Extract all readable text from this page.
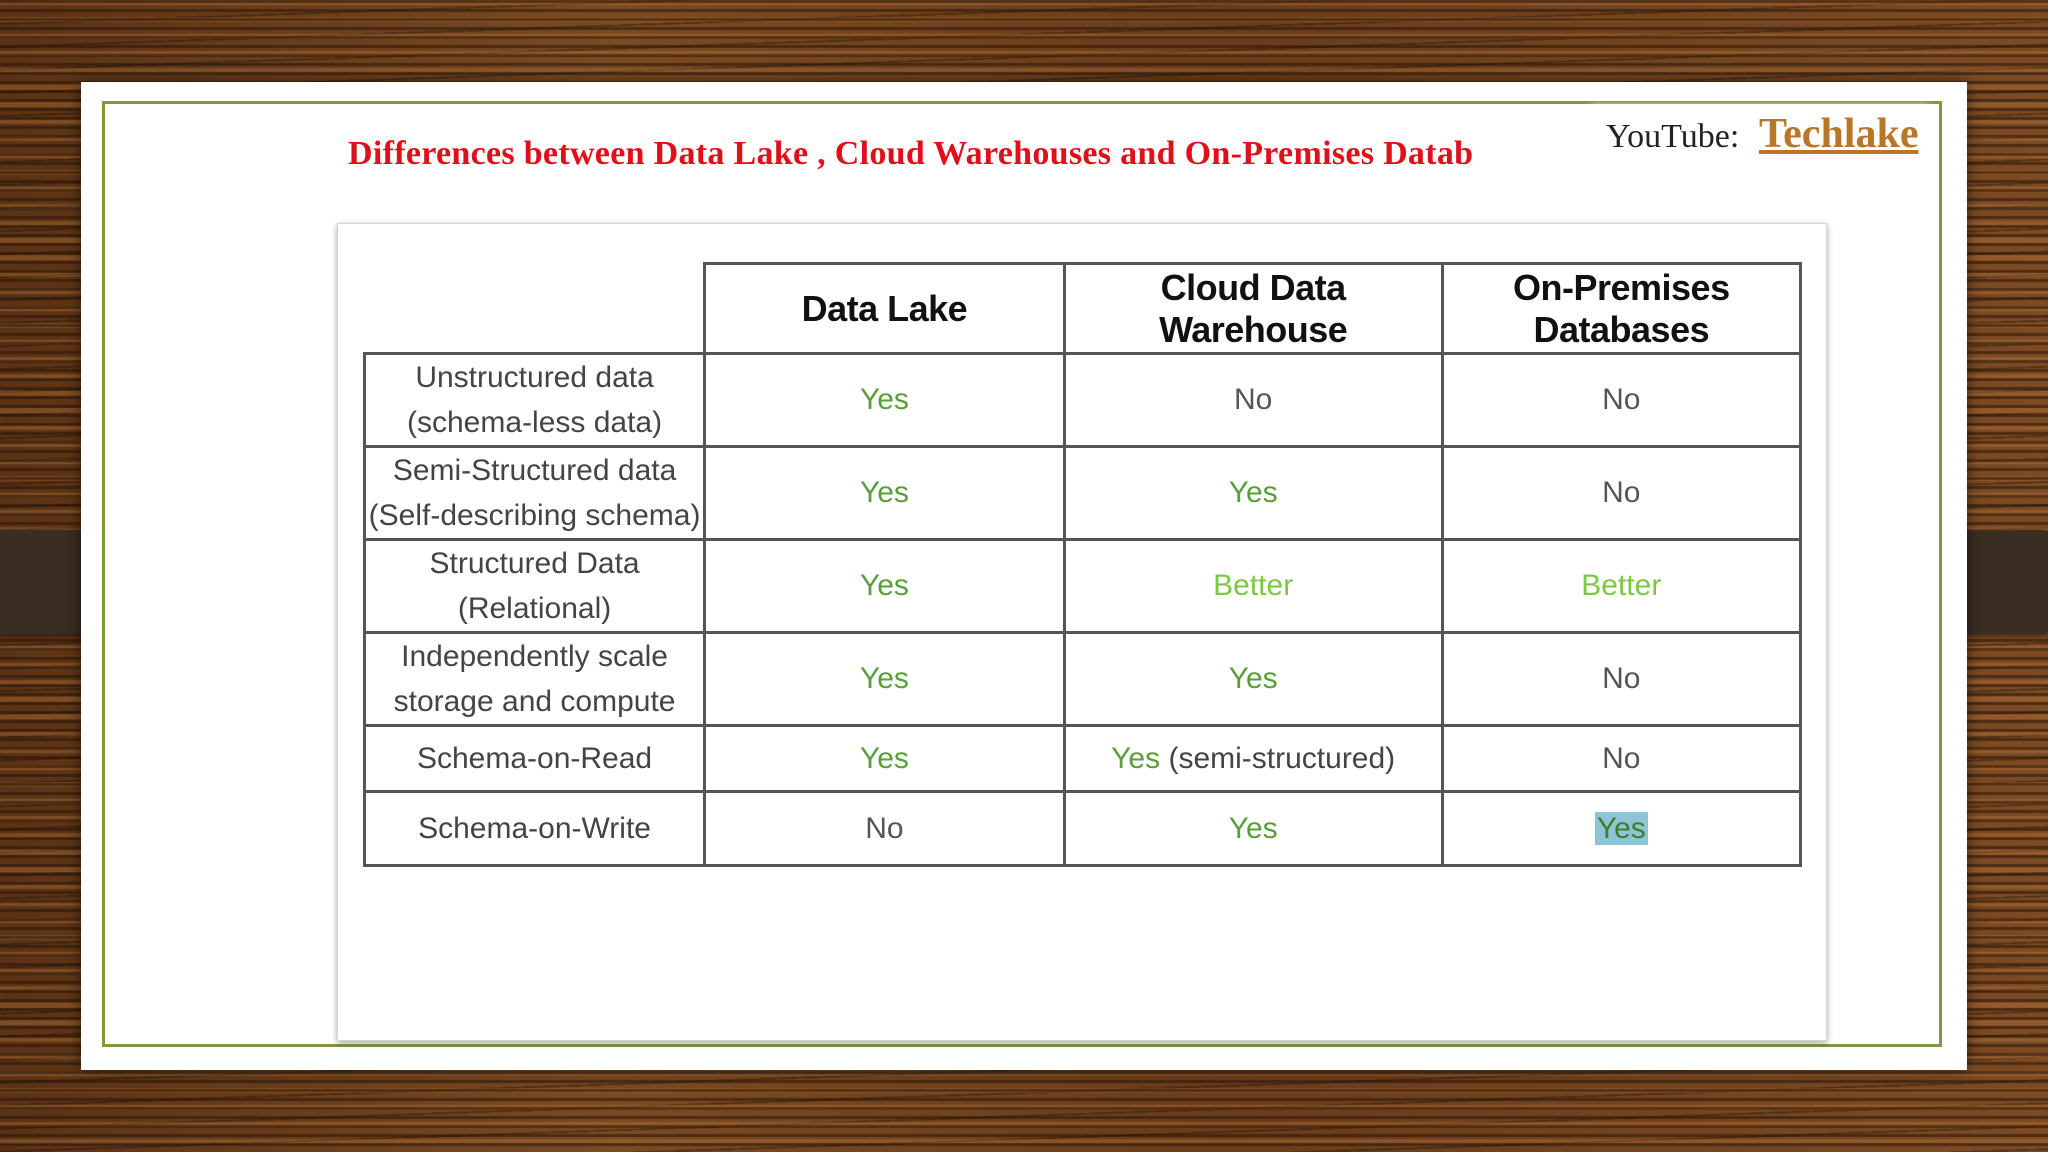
Differences between Data Lake , Cloud Warehouses and On-Premises Datab	YouTube: Techlake
	Data Lake	Cloud Data Warehouse	On-Premises Databases

Unstructured data
(schema-less data)	Yes	No	No

Semi-Structured data
(Self-describing schema)	Yes	Yes	No

Structured Data
(Relational)	Yes	Better	Better

Independently scale
storage and compute	Yes	Yes	No
Schema-on-Read	Yes	Yes (semi-structured)	No
Schema-on-Write	No	Yes	Yes
